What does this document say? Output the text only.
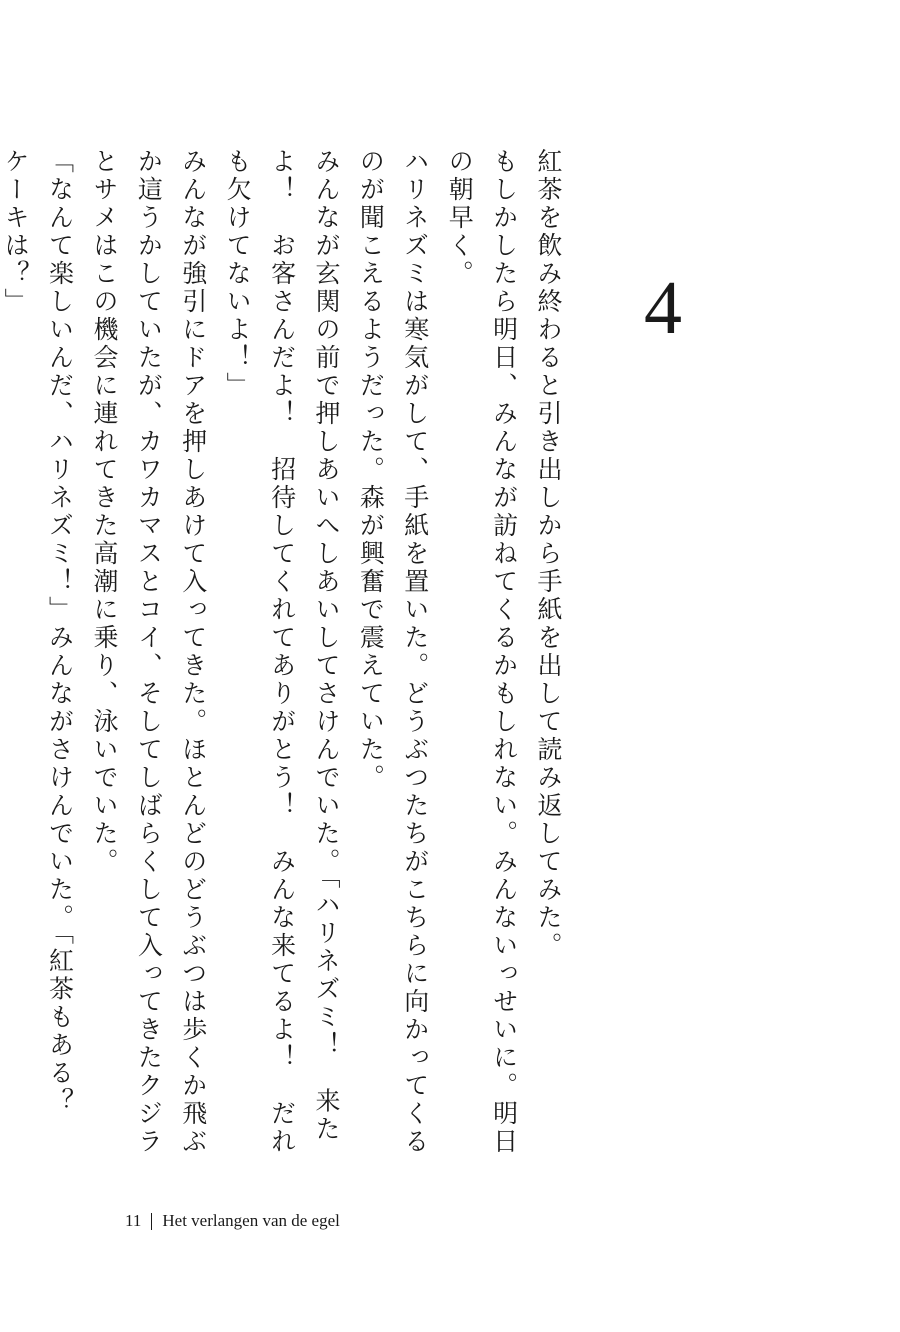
4

紅茶を飲み終わると引き出しから手紙を出して読み返してみた。

もしかしたら明日、みんなが訪ねてくるかもしれない。みんないっせいに。明日の朝早く。

ハリネズミは寒気がして、手紙を置いた。どうぶつたちがこちらに向かってくるのが聞こえるようだった。森が興奮で震えていた。

みんなが玄関の前で押しあいへしあいしてさけんでいた。「ハリネズミ！　来たよ！　お客さんだよ！　招待してくれてありがとう！　みんな来てるよ！　だれも欠けてないよ！」

みんなが強引にドアを押しあけて入ってきた。ほとんどのどうぶつは歩くか飛ぶか這うかしていたが、カワカマスとコイ、そしてしばらくして入ってきたクジラとサメはこの機会に連れてきた高潮に乗り、泳いでいた。

「なんて楽しいんだ、ハリネズミ！」みんながさけんでいた。「紅茶もある？　ケーキは？」

11 Het verlangen van de egel
